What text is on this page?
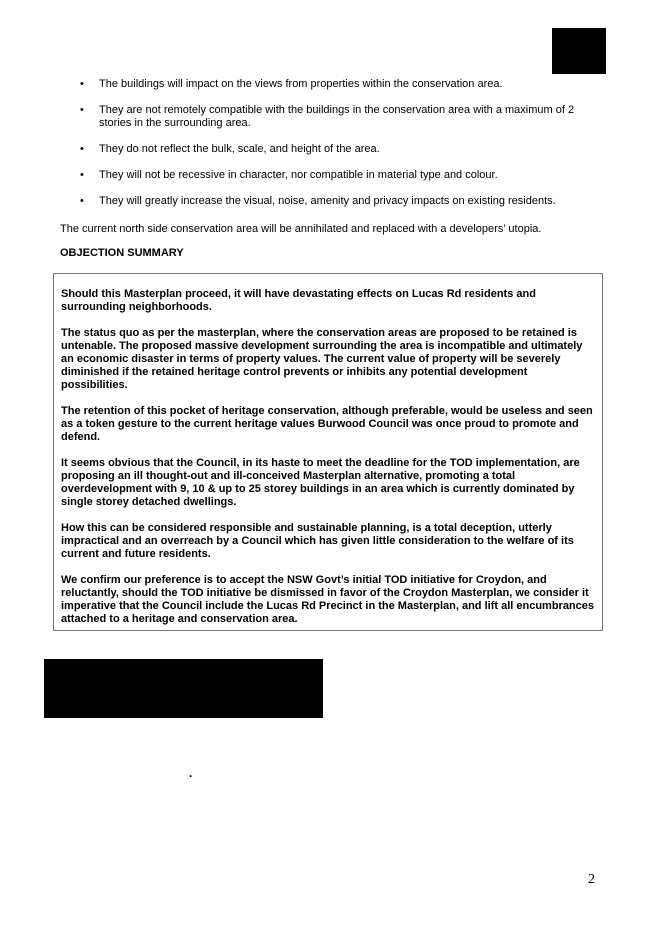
• The buildings will impact on the views from properties within the conservation area.
• They are not remotely compatible with the buildings in the conservation area with a maximum of 2 stories in the surrounding area.
• They do not reflect the bulk, scale, and height of the area.
• They will not be recessive in character, nor compatible in material type and colour.
• They will greatly increase the visual, noise, amenity and privacy impacts on existing residents.

The current north side conservation area will be annihilated and replaced with a developers’ utopia.

OBJECTION SUMMARY

Should this Masterplan proceed, it will have devastating effects on Lucas Rd residents and surrounding neighborhoods.

The status quo as per the masterplan, where the conservation areas are proposed to be retained is untenable. The proposed massive development surrounding the area is incompatible and ultimately an economic disaster in terms of property values. The current value of property will be severely diminished if the retained heritage control prevents or inhibits any potential development possibilities.

The retention of this pocket of heritage conservation, although preferable, would be useless and seen as a token gesture to the current heritage values Burwood Council was once proud to promote and defend.

It seems obvious that the Council, in its haste to meet the deadline for the TOD implementation, are proposing an ill thought-out and ill-conceived Masterplan alternative, promoting a total overdevelopment with 9, 10 & up to 25 storey buildings in an area which is currently dominated by single storey detached dwellings.

How this can be considered responsible and sustainable planning, is a total deception, utterly impractical and an overreach by a Council which has given little consideration to the welfare of its current and future residents.

We confirm our preference is to accept the NSW Govt’s initial TOD initiative for Croydon, and reluctantly, should the TOD initiative be dismissed in favor of the Croydon Masterplan, we consider it imperative that the Council include the Lucas Rd Precinct in the Masterplan, and lift all encumbrances attached to a heritage and conservation area.

.
2
